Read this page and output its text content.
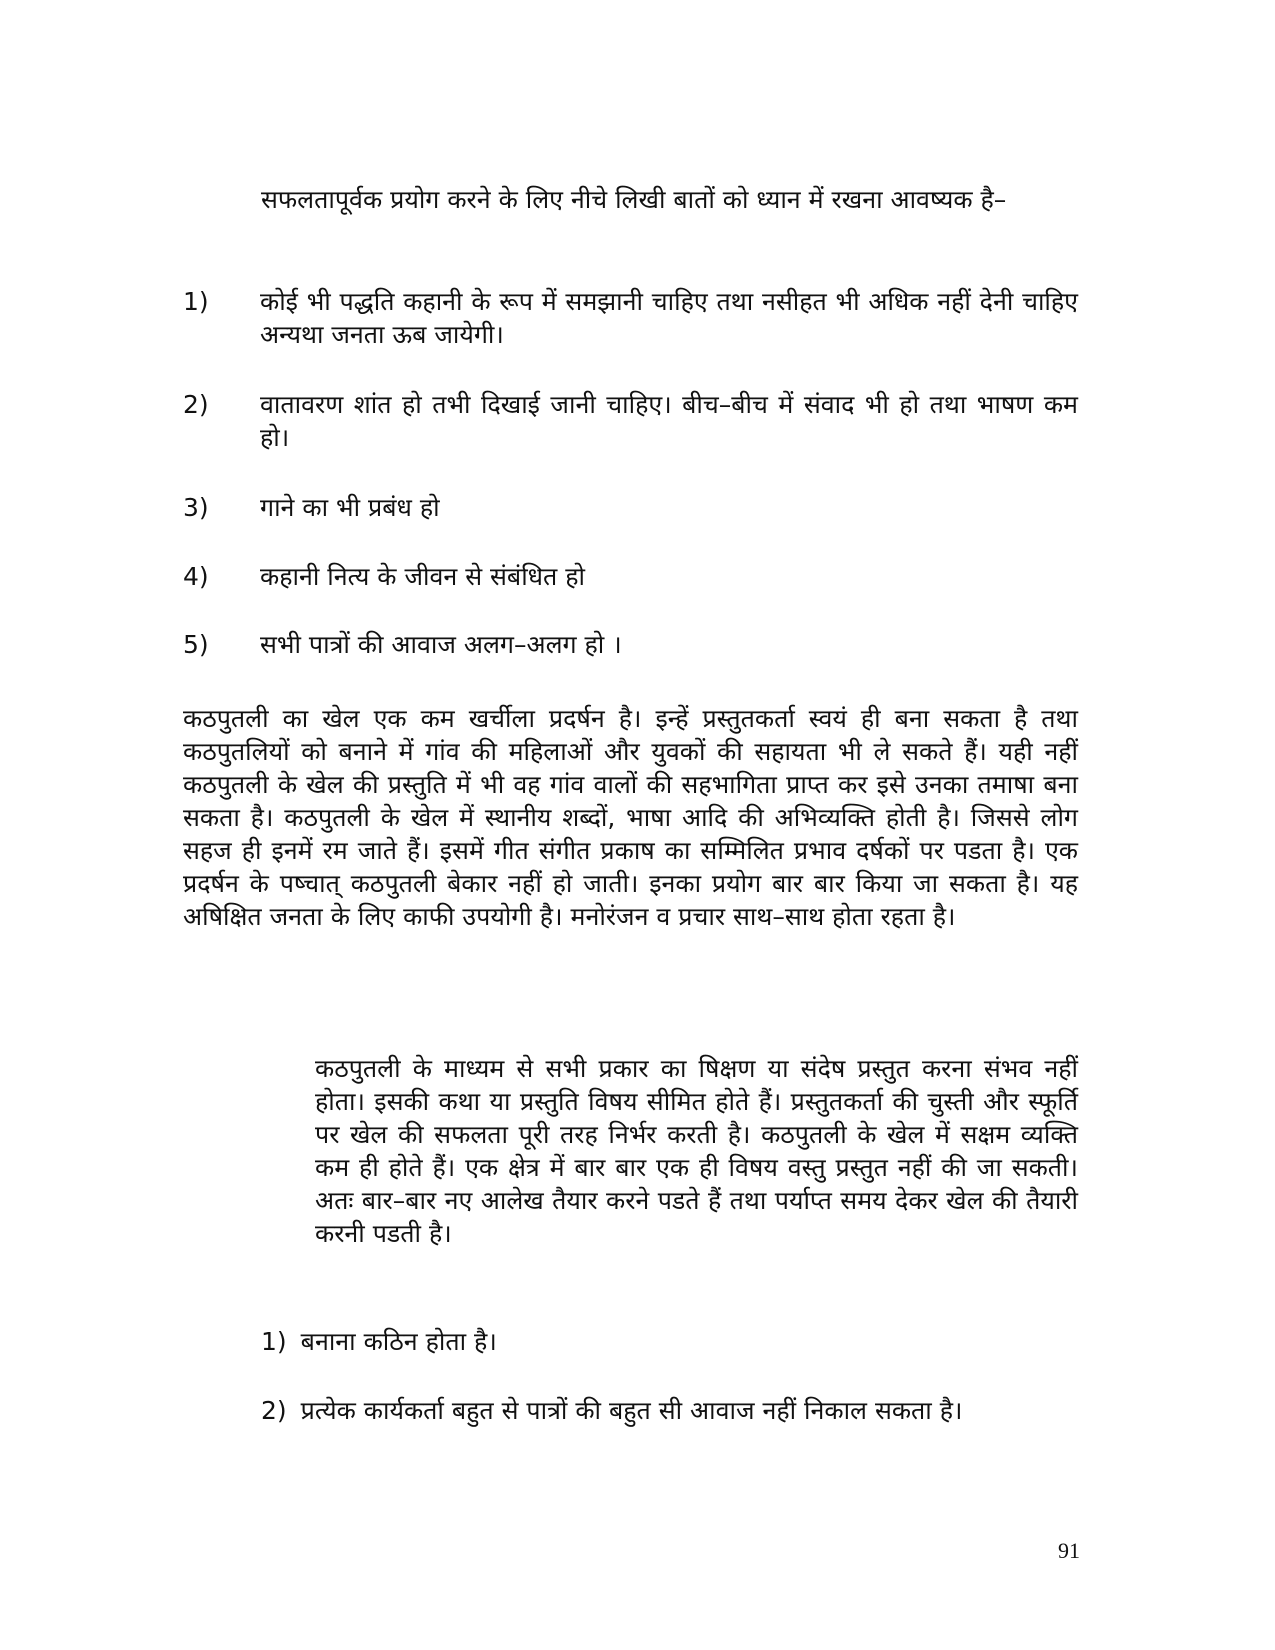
सफलतापूर्वक प्रयोग करने के लिए नीचे लिखी बातों को ध्यान में रखना आवष्यक है–

1)	कोई भी पद्धति कहानी के रूप में समझानी चाहिए तथा नसीहत भी अधिक नहीं देनी चाहिए अन्यथा जनता ऊब जायेगी।
2)	वातावरण शांत हो तभी दिखाई जानी चाहिए। बीच–बीच में संवाद भी हो तथा भाषण कम हो।
3)	गाने का भी प्रबंध हो
4)	कहानी नित्य के जीवन से संबंधित हो
5)	सभी पात्रों की आवाज अलग–अलग हो ।

कठपुतली का खेल एक कम खर्चीला प्रदर्षन है। इन्हें प्रस्तुतकर्ता स्वयं ही बना सकता है तथा कठपुतलियों को बनाने में गांव की महिलाओं और युवकों की सहायता भी ले सकते हैं। यही नहीं कठपुतली के खेल की प्रस्तुति में भी वह गांव वालों की सहभागिता प्राप्त कर इसे उनका तमाषा बना सकता है। कठपुतली के खेल में स्थानीय शब्दों, भाषा आदि की अभिव्यक्ति होती है। जिससे लोग सहज ही इनमें रम जाते हैं। इसमें गीत संगीत प्रकाष का सम्मिलित प्रभाव दर्षकों पर पडता है। एक प्रदर्षन के पष्चात् कठपुतली बेकार नहीं हो जाती। इनका प्रयोग बार बार किया जा सकता है। यह अषिक्षित जनता के लिए काफी उपयोगी है। मनोरंजन व प्रचार साथ–साथ होता रहता है।

कठपुतली के माध्यम से सभी प्रकार का षिक्षण या संदेष प्रस्तुत करना संभव नहीं होता। इसकी कथा या प्रस्तुति विषय सीमित होते हैं। प्रस्तुतकर्ता की चुस्ती और स्फूर्ति पर खेल की सफलता पूरी तरह निर्भर करती है। कठपुतली के खेल में सक्षम व्यक्ति कम ही होते हैं। एक क्षेत्र में बार बार एक ही विषय वस्तु प्रस्तुत नहीं की जा सकती। अतः बार–बार नए आलेख तैयार करने पडते हैं तथा पर्याप्त समय देकर खेल की तैयारी करनी पडती है।

1) बनाना कठिन होता है।
2) प्रत्येक कार्यकर्ता बहुत से पात्रों की बहुत सी आवाज नहीं निकाल सकता है।
91
